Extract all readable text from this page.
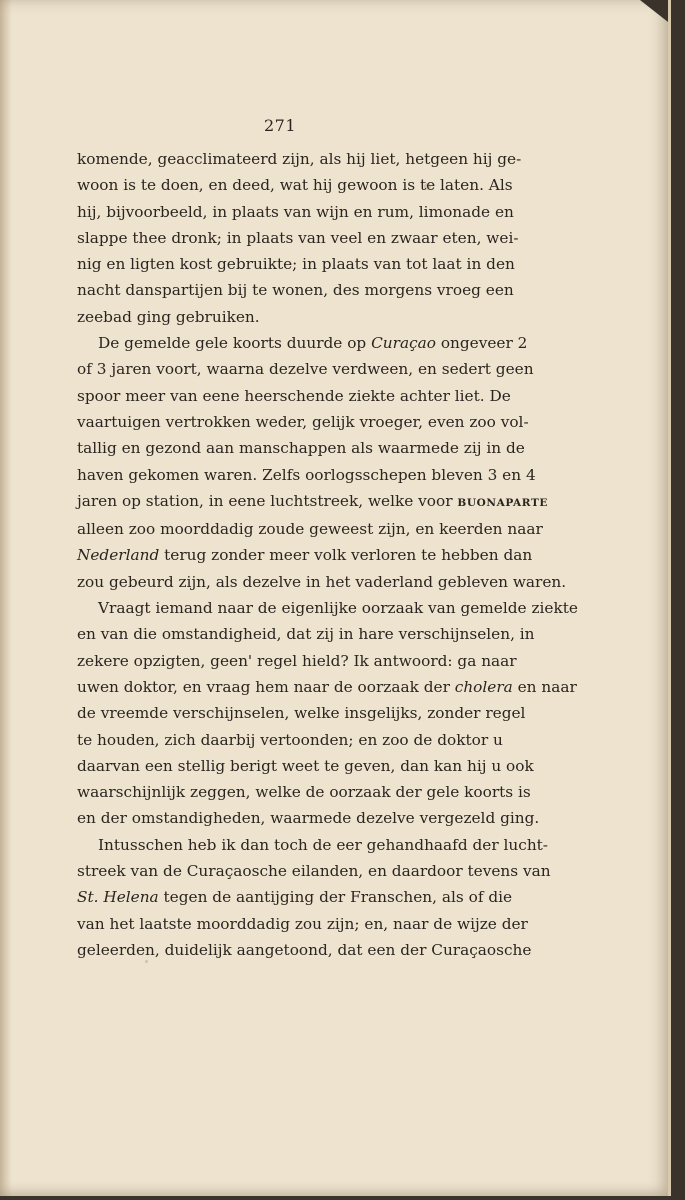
271
komende, geacclimateerd zijn, als hij liet, hetgeen hij ge-
woon is te doen, en deed, wat hij gewoon is te laten. Als
hij, bijvoorbeeld, in plaats van wijn en rum, limonade en
slappe thee dronk; in plaats van veel en zwaar eten, wei-
nig en ligten kost gebruikte; in plaats van tot laat in den
nacht danspartijen bij te wonen, des morgens vroeg een
zeebad ging gebruiken.
De gemelde gele koorts duurde op Curaçao ongeveer 2
of 3 jaren voort, waarna dezelve verdween, en sedert geen
spoor meer van eene heerschende ziekte achter liet. De
vaartuigen vertrokken weder, gelijk vroeger, even zoo vol-
tallig en gezond aan manschappen als waarmede zij in de
haven gekomen waren. Zelfs oorlogsschepen bleven 3 en 4
jaren op station, in eene luchtstreek, welke voor BUONAPARTE
alleen zoo moorddadig zoude geweest zijn, en keerden naar
Nederland terug zonder meer volk verloren te hebben dan
zou gebeurd zijn, als dezelve in het vaderland gebleven waren.
Vraagt iemand naar de eigenlijke oorzaak van gemelde ziekte
en van die omstandigheid, dat zij in hare verschijnselen, in
zekere opzigten, geen' regel hield? Ik antwoord: ga naar
uwen doktor, en vraag hem naar de oorzaak der cholera en naar
de vreemde verschijnselen, welke insgelijks, zonder regel
te houden, zich daarbij vertoonden; en zoo de doktor u
daarvan een stellig berigt weet te geven, dan kan hij u ook
waarschijnlijk zeggen, welke de oorzaak der gele koorts is
en der omstandigheden, waarmede dezelve vergezeld ging.
Intusschen heb ik dan toch de eer gehandhaafd der lucht-
streek van de Curaçaosche eilanden, en daardoor tevens van
St. Helena tegen de aantijging der Franschen, als of die
van het laatste moorddadig zou zijn; en, naar de wijze der
geleerden, duidelijk aangetoond, dat een der Curaçaosche
